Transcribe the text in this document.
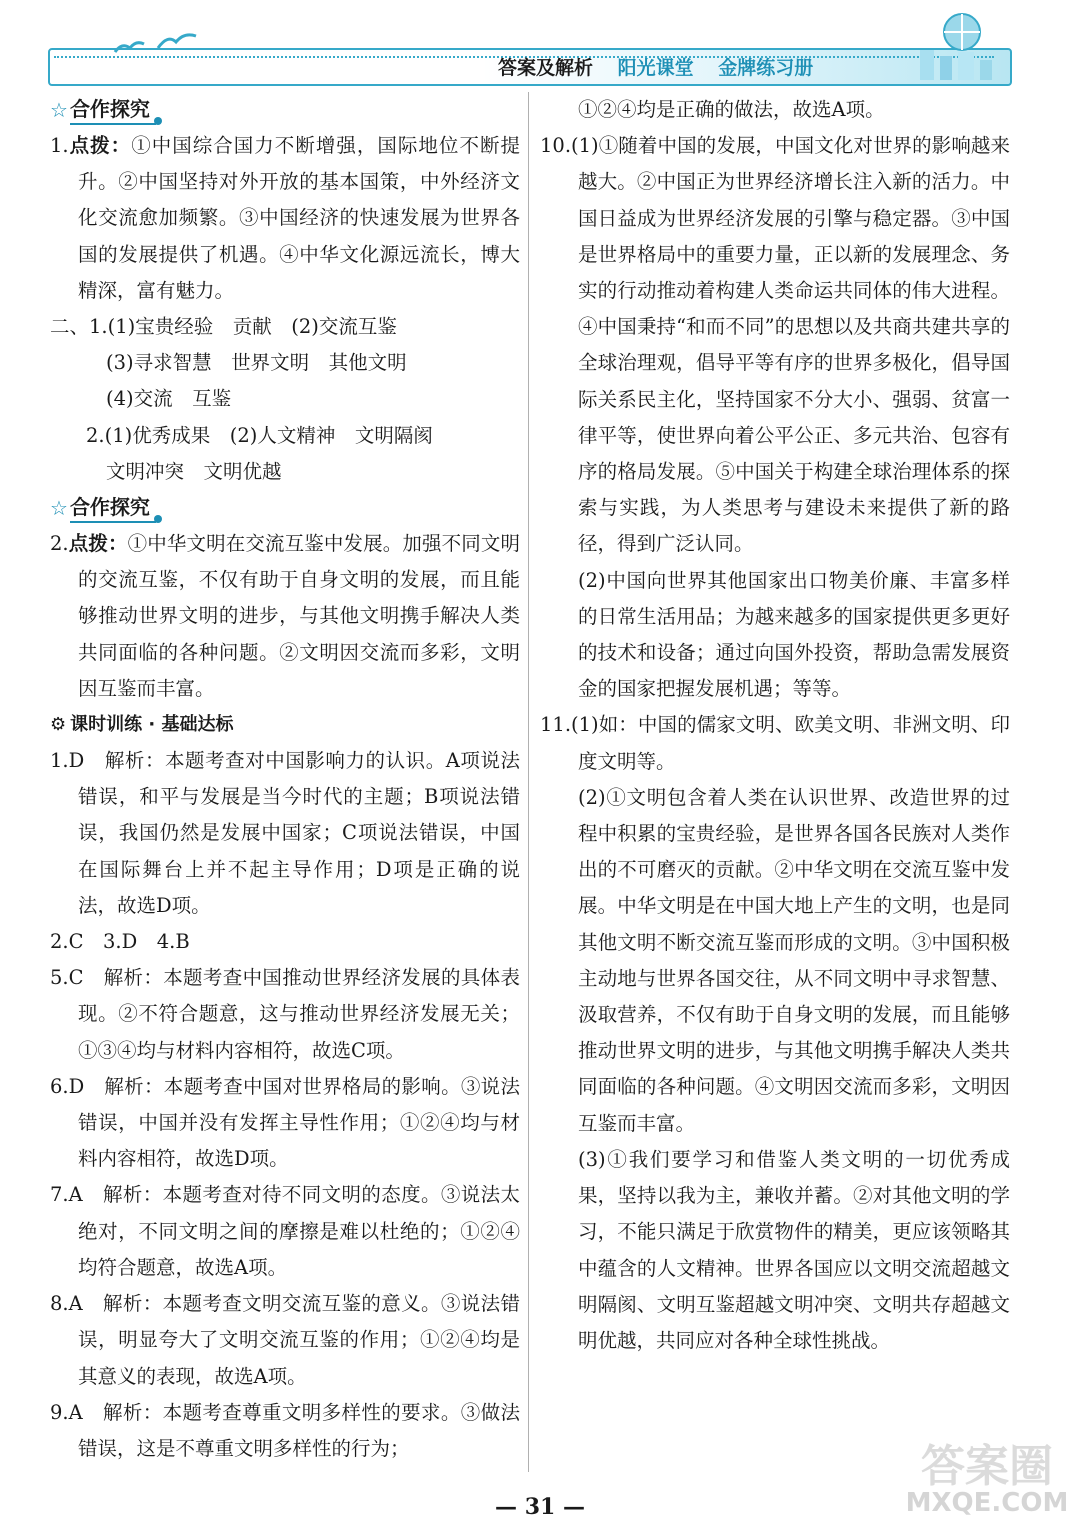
答案及解析 阳光课堂 金牌练习册
☆ 合作探究
1.点拨：①中国综合国力不断增强，国际地位不断提升。②中国坚持对外开放的基本国策，中外经济文化交流愈加频繁。③中国经济的快速发展为世界各国的发展提供了机遇。④中华文化源远流长，博大精深，富有魅力。
二、1.(1)宝贵经验　贡献　(2)交流互鉴
(3)寻求智慧　世界文明　其他文明
(4)交流　互鉴
2.(1)优秀成果　(2)人文精神　文明隔阂
文明冲突　文明优越
☆ 合作探究
2.点拨：①中华文明在交流互鉴中发展。加强不同文明的交流互鉴，不仅有助于自身文明的发展，而且能够推动世界文明的进步，与其他文明携手解决人类共同面临的各种问题。②文明因交流而多彩，文明因互鉴而丰富。
⚙ 课时训练 · 基础达标
1.D　解析：本题考查对中国影响力的认识。A项说法错误，和平与发展是当今时代的主题；B项说法错误，我国仍然是发展中国家；C项说法错误，中国在国际舞台上并不起主导作用；D项是正确的说法，故选D项。
2.C　3.D　4.B
5.C　解析：本题考查中国推动世界经济发展的具体表现。②不符合题意，这与推动世界经济发展无关；①③④均与材料内容相符，故选C项。
6.D　解析：本题考查中国对世界格局的影响。③说法错误，中国并没有发挥主导性作用；①②④均与材料内容相符，故选D项。
7.A　解析：本题考查对待不同文明的态度。③说法太绝对，不同文明之间的摩擦是难以杜绝的；①②④均符合题意，故选A项。
8.A　解析：本题考查文明交流互鉴的意义。③说法错误，明显夸大了文明交流互鉴的作用；①②④均是其意义的表现，故选A项。
9.A　解析：本题考查尊重文明多样性的要求。③做法错误，这是不尊重文明多样性的行为；
①②④均是正确的做法，故选A项。
10.(1)①随着中国的发展，中国文化对世界的影响越来越大。②中国正为世界经济增长注入新的活力。中国日益成为世界经济发展的引擎与稳定器。③中国是世界格局中的重要力量，正以新的发展理念、务实的行动推动着构建人类命运共同体的伟大进程。④中国秉持“和而不同”的思想以及共商共建共享的全球治理观，倡导平等有序的世界多极化，倡导国际关系民主化，坚持国家不分大小、强弱、贫富一律平等，使世界向着公平公正、多元共治、包容有序的格局发展。⑤中国关于构建全球治理体系的探索与实践，为人类思考与建设未来提供了新的路径，得到广泛认同。
(2)中国向世界其他国家出口物美价廉、丰富多样的日常生活用品；为越来越多的国家提供更多更好的技术和设备；通过向国外投资，帮助急需发展资金的国家把握发展机遇；等等。
11.(1)如：中国的儒家文明、欧美文明、非洲文明、印度文明等。
(2)①文明包含着人类在认识世界、改造世界的过程中积累的宝贵经验，是世界各国各民族对人类作出的不可磨灭的贡献。②中华文明在交流互鉴中发展。中华文明是在中国大地上产生的文明，也是同其他文明不断交流互鉴而形成的文明。③中国积极主动地与世界各国交往，从不同文明中寻求智慧、汲取营养，不仅有助于自身文明的发展，而且能够推动世界文明的进步，与其他文明携手解决人类共同面临的各种问题。④文明因交流而多彩，文明因互鉴而丰富。
(3)①我们要学习和借鉴人类文明的一切优秀成果，坚持以我为主，兼收并蓄。②对其他文明的学习，不能只满足于欣赏物件的精美，更应该领略其中蕴含的人文精神。世界各国应以文明交流超越文明隔阂、文明互鉴超越文明冲突、文明共存超越文明优越，共同应对各种全球性挑战。
— 31 —
答案圈
MXQE.COM
